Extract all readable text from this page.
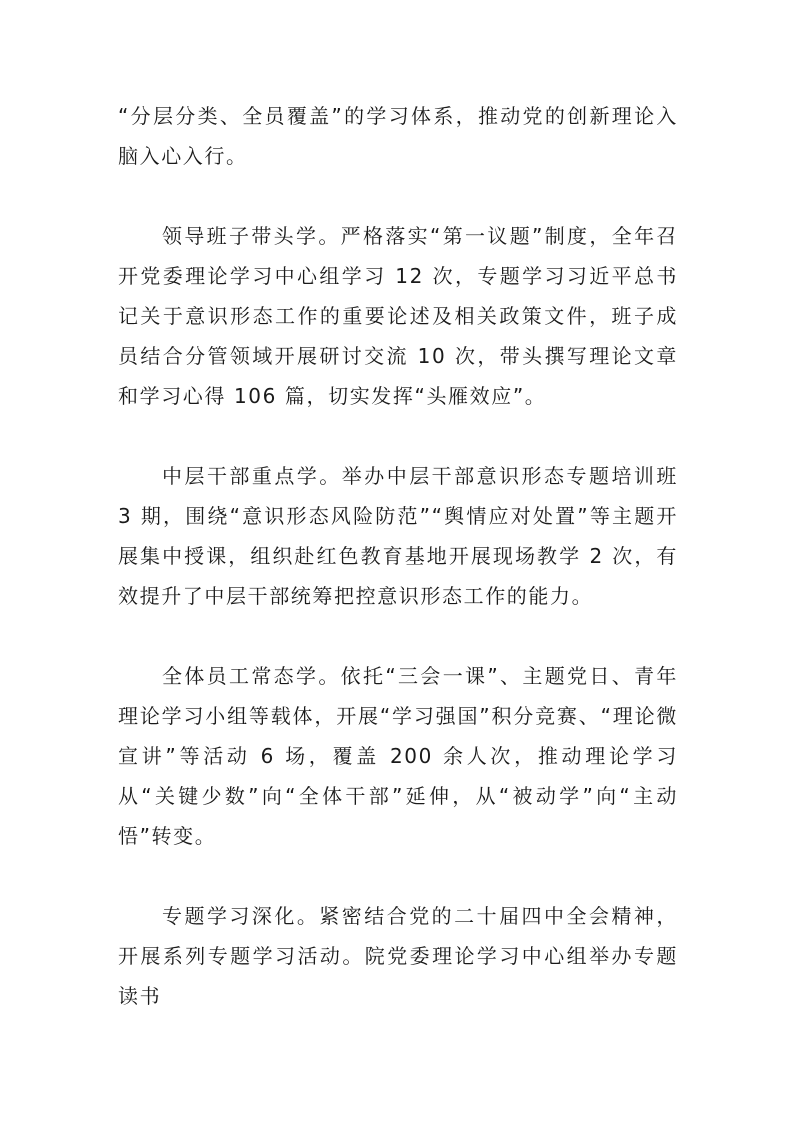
“分层分类、全员覆盖”的学习体系，推动党的创新理论入脑入心入行。

领导班子带头学。严格落实“第一议题”制度，全年召开党委理论学习中心组学习 12 次，专题学习习近平总书记关于意识形态工作的重要论述及相关政策文件，班子成员结合分管领域开展研讨交流 10 次，带头撰写理论文章和学习心得 106 篇，切实发挥“头雁效应”。

中层干部重点学。举办中层干部意识形态专题培训班 3 期，围绕“意识形态风险防范”“舆情应对处置”等主题开展集中授课，组织赴红色教育基地开展现场教学 2 次，有效提升了中层干部统筹把控意识形态工作的能力。

全体员工常态学。依托“三会一课”、主题党日、青年理论学习小组等载体，开展“学习强国”积分竞赛、“理论微宣讲”等活动 6 场，覆盖 200 余人次，推动理论学习从“关键少数”向“全体干部”延伸，从“被动学”向“主动悟”转变。

专题学习深化。紧密结合党的二十届四中全会精神，开展系列专题学习活动。院党委理论学习中心组举办专题读书
